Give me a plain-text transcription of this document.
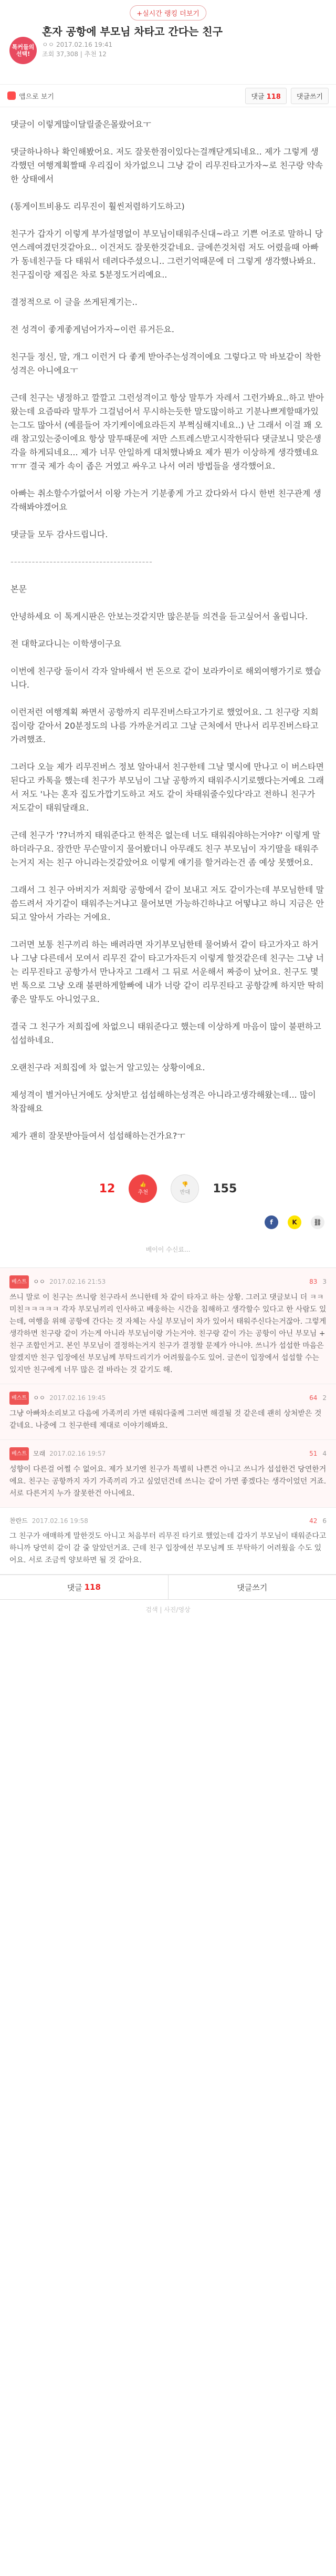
+실시간 랭킹 더보기
톡커들의 선택!
혼자 공항에 부모님 차타고 간다는 친구
ㅇㅇ 2017.02.16 19:41
조회 37,308 | 추천 12
앱으로 보기	댓글 118	댓글쓰기

댓글이 이렇게많이달릴줄은몰랐어요ㅜ

댓글하나하나 확인해봤어요. 저도 잘못한점이있다는걸깨닫게되네요.. 제가 그렇게 생각했던 여행계획짤때 우리집이 차가없으니 그냥 같이 리무진타고가자~로 친구랑 약속한 상태에서

(통게이트비용도 리무진이 훨씬저렴하기도하고)

친구가 갑자기 이렇게 부가설명없이 부모님이태워주신대~라고 기쁜 어조로 말하니 당연스레여겼던것같아요.. 이건저도 잘못한것같네요. 글에쓴것처럼 저도 어렸을때 아빠가 동네친구들 다 태워서 데려다주셨으니.. 그런기억때문에 더 그렇게 생각했나봐요. 친구집이랑 제집은 차로 5분정도거리예요..

결정적으로 이 글을 쓰게된계기는..

전 성격이 좋게좋게넘어가자~이런 류거든요.

친구들 정신, 말, 개그 이런거 다 좋게 받아주는성격이에요 그렇다고 막 바보같이 착한성격은 아니에요ㅜ

근데 친구는 냉정하고 깔깔고 그런성격이고 항상 말투가 자레서 그런가봐요..하고 받아왔는데 요즘따라 말투가 그걸넘어서 무시하는듯한 말도많이하고 기분나쁘게할때가있는그도 많아서 (예를들어 자기케이에요라든지 부쩍심해지네요..) 난 그래서 이걸 꽤 오래 참고있는중이에요 항상 말투때문에 저만 스트레스받고시작한뒤다 댓글보니 맞은생각을 하게되네요... 제가 너무 안일하게 대처했나봐요 제가 뭔가 이상하게 생각했네요 ㅠㅠ 결국 제가 속이 좁은 거였고 싸우고 나서 여러 방법들을 생각했어요.

아빠는 취소할수가없어서 이왕 가는거 기분좋게 가고 갔다와서 다시 한번 친구관계 생각해봐야겠어요

댓글들 모두 감사드립니다.

----------------------------------------

본문

안녕하세요 이 톡게시판은 안보는것같지만 많은분들 의견을 듣고싶어서 올립니다.

전 대학교다니는 이학생이구요

이번에 친구랑 둘이서 각자 알바해서 번 돈으로 같이 보라카이로 해외여행가기로 했습니다.

이런저런 여행계획 짜면서 공항까지 리무진버스타고가기로 했었어요. 그 친구랑 지희집이랑 같아서 20분정도의 나름 가까운거리고 그날 근처에서 만나서 리무진버스타고가려했죠.

그러다 오늘 제가 리무진버스 정보 알아내서 친구한테 그날 몇시에 만나고 이 버스타면된다고 카톡을 했는데 친구가 부모님이 그날 공항까지 태워주시기로했다는거예요 그래서 저도 '나는 혼자 집도가깝기도하고 저도 같이 차태워줄수있다'라고 전하니 친구가 저도같이 태워달래요.

근데 친구가 '??너까지 태워준다고 한적은 없는데 너도 태워줘야하는거야?' 이렇게 말하더라구요. 잠깐만 무슨말이지 물어봤더니 아무래도 친구 부모님이 자기딸을 태워주는거지 저는 친구 아니라는것같았어요 이렇게 얘기를 할거라는건 좀 예상 못했어요.

그래서 그 친구 아버지가 저희랑 공항에서 같이 보내고 저도 같이가는데 부모님한테 말씀드려서 자기같이 태워주는거냐고 물어보면 가능하긴하냐고 어떻냐고 하니 지금은 안되고 알아서 가라는 거에요.

그러면 보통 친구끼리 하는 배려라면 자기부모님한테 물어봐서 같이 타고가자고 하거나 그냥 다른데서 모여서 리무진 같이 타고가자든지 이렇게 할것같은데 친구는 그냥 너는 리무진타고 공항가서 만나자고 그래서 그 뒤로 서운해서 짜증이 났어요. 친구도 몇번 톡으로 그냥 오래 불편하게할빠에 내가 너랑 같이 리무진타고 공항갈께 하지만 딱히 좋은 말투도 아니었구요.

결국 그 친구가 저희집에 차없으니 태워준다고 했는데 이상하게 마음이 많이 불편하고 섭섭하네요.

오랜친구라 저희집에 차 없는거 알고있는 상황이에요.

제성격이 별거아닌거에도 상처받고 섭섭해하는성격은 아니라고생각해왔는데... 많이 착잡해요

제가 괜히 잘못받아들여서 섭섭해하는건가요?ㅜ

12	👍
추천
👎
반대 155
f	K	⛓
베이이 수신료...
베스트	ㅇㅇ 2017.02.16 21:53	83 3
쓰니 말로 이 친구는 쓰니랑 친구라서 쓰니한테 차 같이 타자고 하는 상황. 그러고 댓글보니 더 ㅋㅋ 미친ㅋㅋㅋㅋㅋ 각자 부모님끼리 인사하고 배웅하는 시간을 침해하고 생각할수 있다고 한 사람도 있는데, 여행을 위해 공항에 간다는 것 자체는 사실 부모님이 차가 있어서 태워주신다는거잖아. 그렇게 생각하면 친구랑 같이 가는게 아니라 부모님이랑 가는거야. 친구랑 같이 가는 공항이 아닌 부모님 + 친구 조합인거고. 본인 부모님이 결정하는거지 친구가 결정할 문제가 아니야. 쓰니가 섭섭한 마음은 알겠지만 친구 입장에선 부모님께 부탁드리기가 어려웠을수도 있어. 글쓴이 입장에서 섭섭할 수는 있지만 친구에게 너무 많은 걸 바라는 것 같기도 해.
베스트	ㅇㅇ 2017.02.16 19:45	64 2
그냥 아빠차소리보고 다음에 가족끼리 가면 태워다줄께 그러면 해결될 것 같은데 괜히 상처받은 것 같네요. 나중에 그 친구한테 제대로 이야기해봐요.
베스트	모래 2017.02.16 19:57	51 4
성향이 다른걸 어쩔 수 없어요. 제가 보기엔 친구가 특별히 나쁜건 아니고 쓰니가 섭섭한건 당연한거에요. 친구는 공항까지 자기 가족끼리 가고 싶었던건데 쓰니는 같이 가면 좋겠다는 생각이었던 거죠. 서로 다른거지 누가 잘못한건 아니에요.
찬란드 2017.02.16 19:58	42 6
그 친구가 애매하게 말한것도 아니고 처음부터 리무진 타기로 했었는데 갑자기 부모님이 태워준다고 하니까 당연히 같이 갈 줄 알았던거죠. 근데 친구 입장에선 부모님께 또 부탁하기 어려웠을 수도 있어요. 서로 조금씩 양보하면 될 것 같아요.
댓글 118	댓글쓰기
검색 | 사진/영상
